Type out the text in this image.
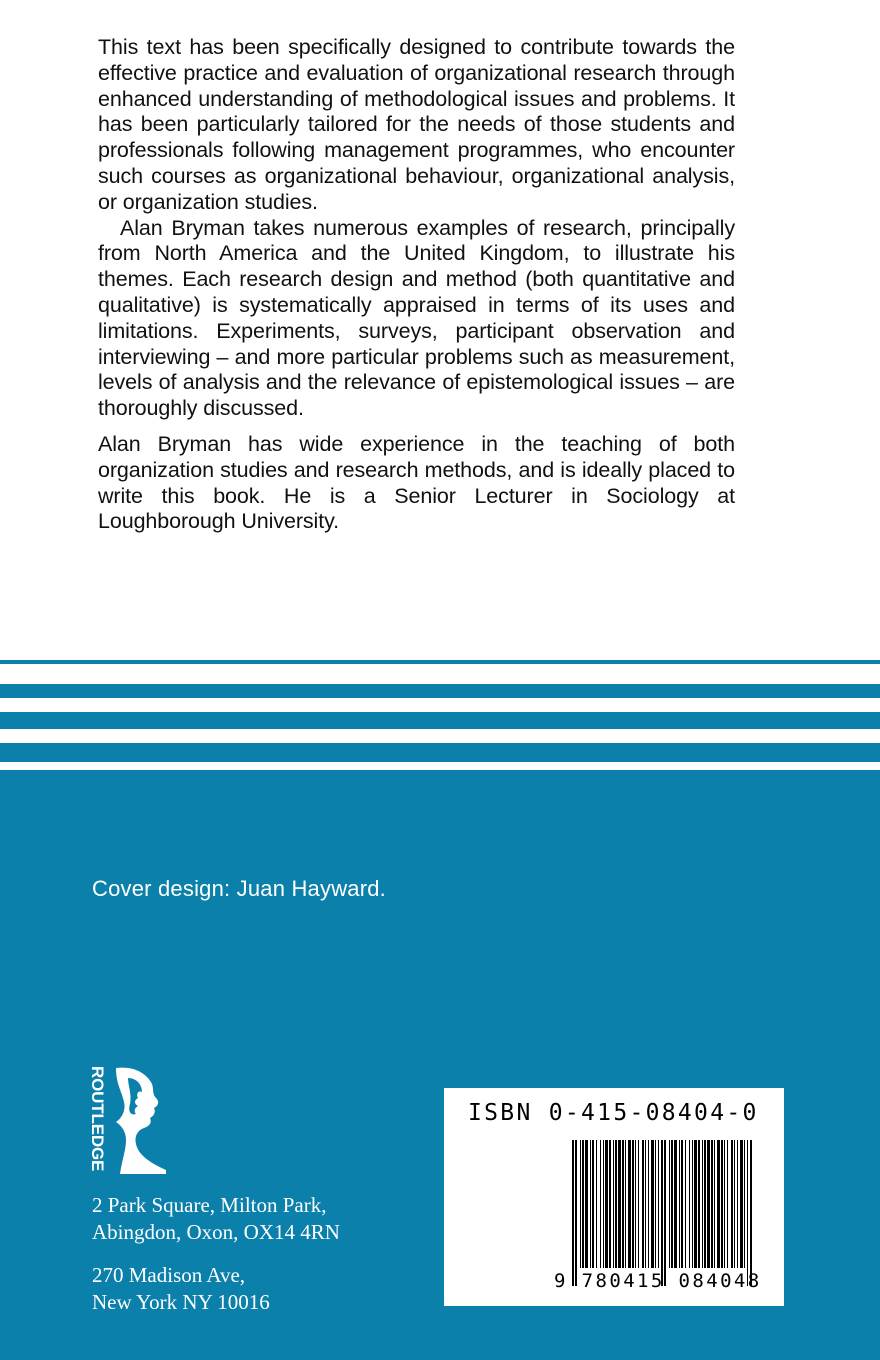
This text has been specifically designed to contribute towards the effective practice and evaluation of organizational research through enhanced understanding of methodological issues and problems. It has been particularly tailored for the needs of those students and professionals following management programmes, who encounter such courses as organizational behaviour, organizational analysis, or organization studies.

Alan Bryman takes numerous examples of research, principally from North America and the United Kingdom, to illustrate his themes. Each research design and method (both quantitative and qualitative) is systematically appraised in terms of its uses and limitations. Experiments, surveys, participant observation and interviewing – and more particular problems such as measurement, levels of analysis and the relevance of epistemological issues – are thoroughly discussed.

Alan Bryman has wide experience in the teaching of both organization studies and research methods, and is ideally placed to write this book. He is a Senior Lecturer in Sociology at Loughborough University.

Cover design: Juan Hayward.
ROUTLEDGE
2 Park Square, Milton Park,
Abingdon, Oxon, OX14 4RN
270 Madison Ave,
New York NY 10016
ISBN 0-415-08404-0
9 780415 084048
